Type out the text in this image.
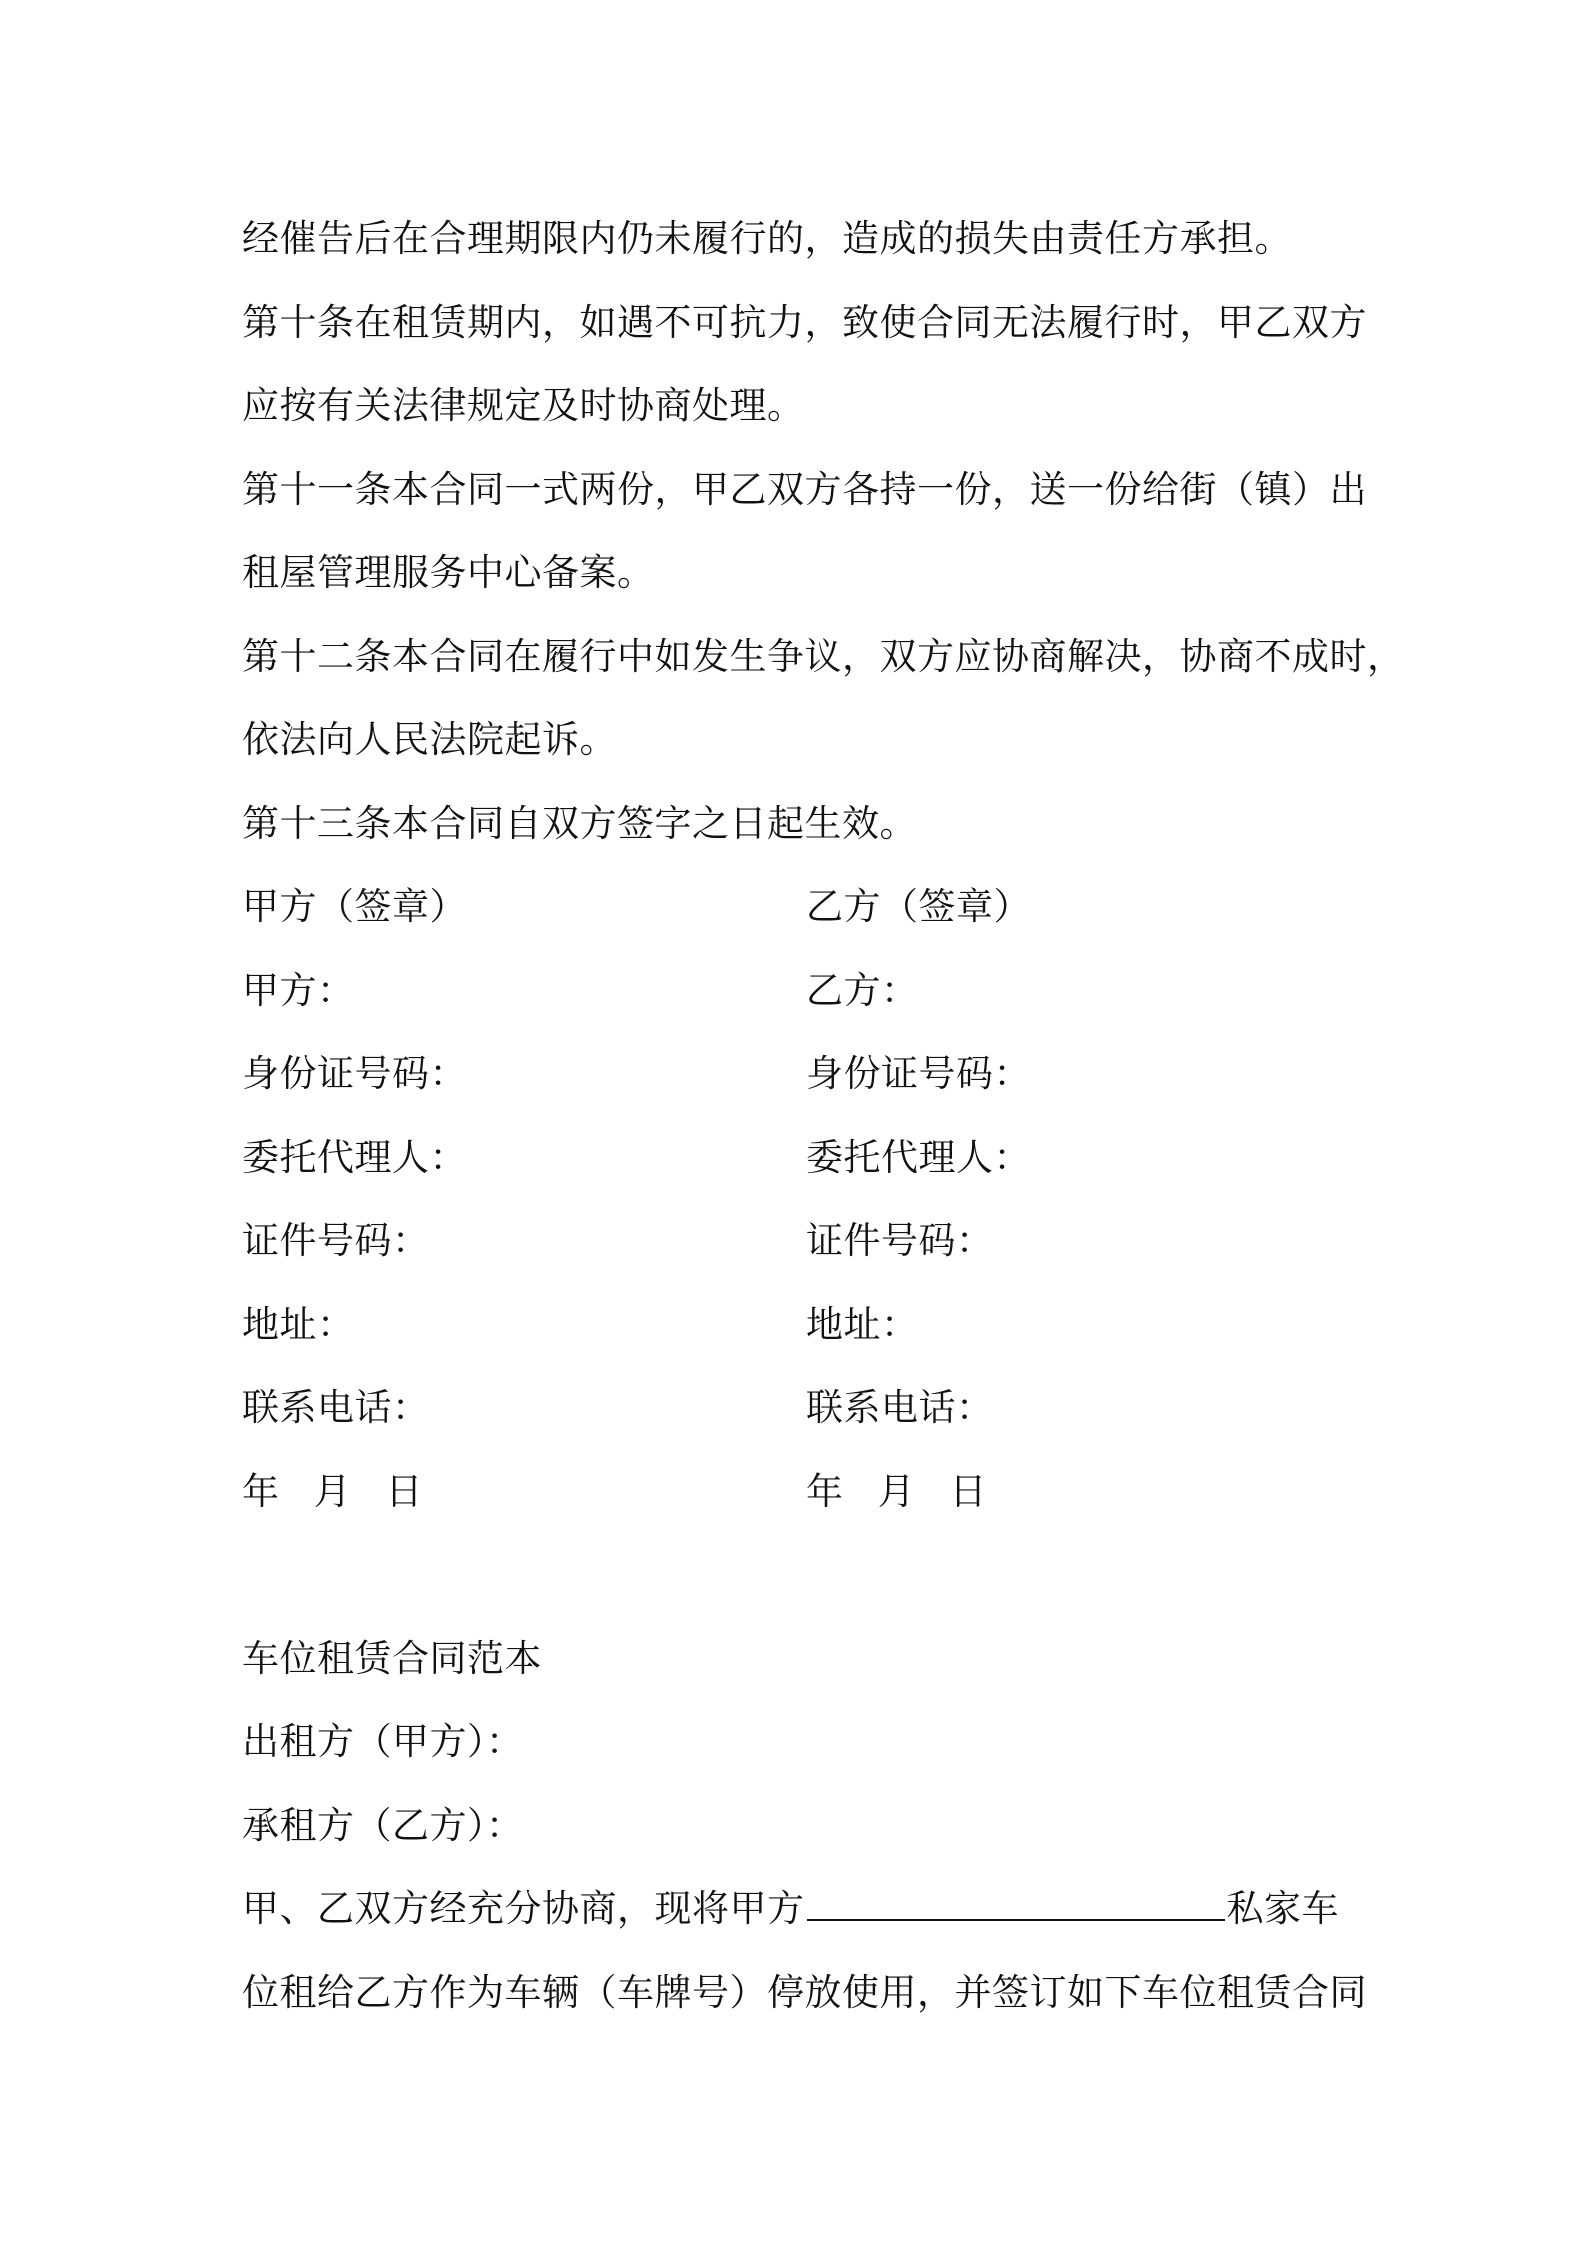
经催告后在合理期限内仍未履行的，造成的损失由责任方承担。
第十条在租赁期内，如遇不可抗力，致使合同无法履行时，甲乙双方
应按有关法律规定及时协商处理。
第十一条本合同一式两份，甲乙双方各持一份，送一份给街（镇）出
租屋管理服务中心备案。
第十二条本合同在履行中如发生争议，双方应协商解决，协商不成时，
依法向人民法院起诉。
第十三条本合同自双方签字之日起生效。
甲方（签章）	乙方（签章）
甲方：	乙方：
身份证号码：	身份证号码：
委托代理人：	委托代理人：
证件号码：	证件号码：
地址：	地址：
联系电话：	联系电话：
年 月 日	年 月 日
车位租赁合同范本
出租方（甲方）：
承租方（乙方）：
甲、乙双方经充分协商，现将甲方	私家车
位租给乙方作为车辆（车牌号）停放使用，并签订如下车位租赁合同
